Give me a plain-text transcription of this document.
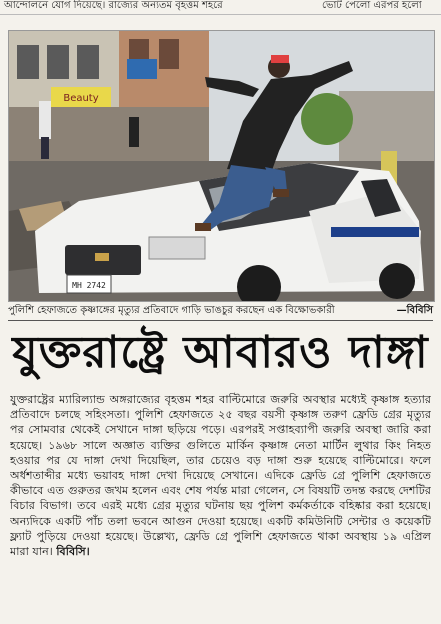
আন্দোলনে যোগ দিয়েছে। রাজ্যের অন্যতম বৃহত্তম শহরে	ভোট পেলো এরপর হলো
Beauty
MH 2742
পুলিশি হেফাজতে কৃষ্ণাঙ্গের মৃত্যুর প্রতিবাদে গাড়ি ভাঙচুর করছেন এক বিক্ষোভকারী	—বিবিসি
যুক্তরাষ্ট্রে আবারও দাঙ্গা
যুক্তরাষ্ট্রের ম্যারিল্যান্ড অঙ্গরাজ্যের বৃহত্তম শহর বাল্টিমোরে জরুরি অবস্থার মধ্যেই কৃষ্ণাঙ্গ হত্যার প্রতিবাদে চলছে সহিংসতা। পুলিশি হেফাজতে ২৫ বছর বয়সী কৃষ্ণাঙ্গ তরুণ ফ্রেডি গ্রের মৃত্যুর পর সোমবার থেকেই সেখানে দাঙ্গা ছড়িয়ে পড়ে। এরপরই সপ্তাহব্যাপী জরুরি অবস্থা জারি করা হয়েছে। ১৯৬৮ সালে অজ্ঞাত ব্যক্তির গুলিতে মার্কিন কৃষ্ণাঙ্গ নেতা মার্টিন লুথার কিং নিহত হওয়ার পর যে দাঙ্গা দেখা দিয়েছিল, তার চেয়েও বড় দাঙ্গা শুরু হয়েছে বাল্টিমোরে। ফলে অর্ধশতাব্দীর মধ্যে ভয়াবহ দাঙ্গা দেখা দিয়েছে সেখানে। এদিকে ফ্রেডি গ্রে পুলিশি হেফাজতে কীভাবে এত গুরুতর জখম হলেন এবং শেষ পর্যন্ত মারা গেলেন, সে বিষয়টি তদন্ত করছে দেশটির বিচার বিভাগ। তবে এরই মধ্যে গ্রের মৃত্যুর ঘটনায় ছয় পুলিশ কর্মকর্তাকে বহিষ্কার করা হয়েছে। অন্যদিকে একটি পাঁচ তলা ভবনে আগুন দেওয়া হয়েছে। একটি কমিউনিটি সেন্টার ও কয়েকটি ফ্ল্যাট পুড়িয়ে দেওয়া হয়েছে। উল্লেখ্য, ফ্রেডি গ্রে পুলিশি হেফাজতে থাকা অবস্থায় ১৯ এপ্রিল মারা যান। বিবিসি।
